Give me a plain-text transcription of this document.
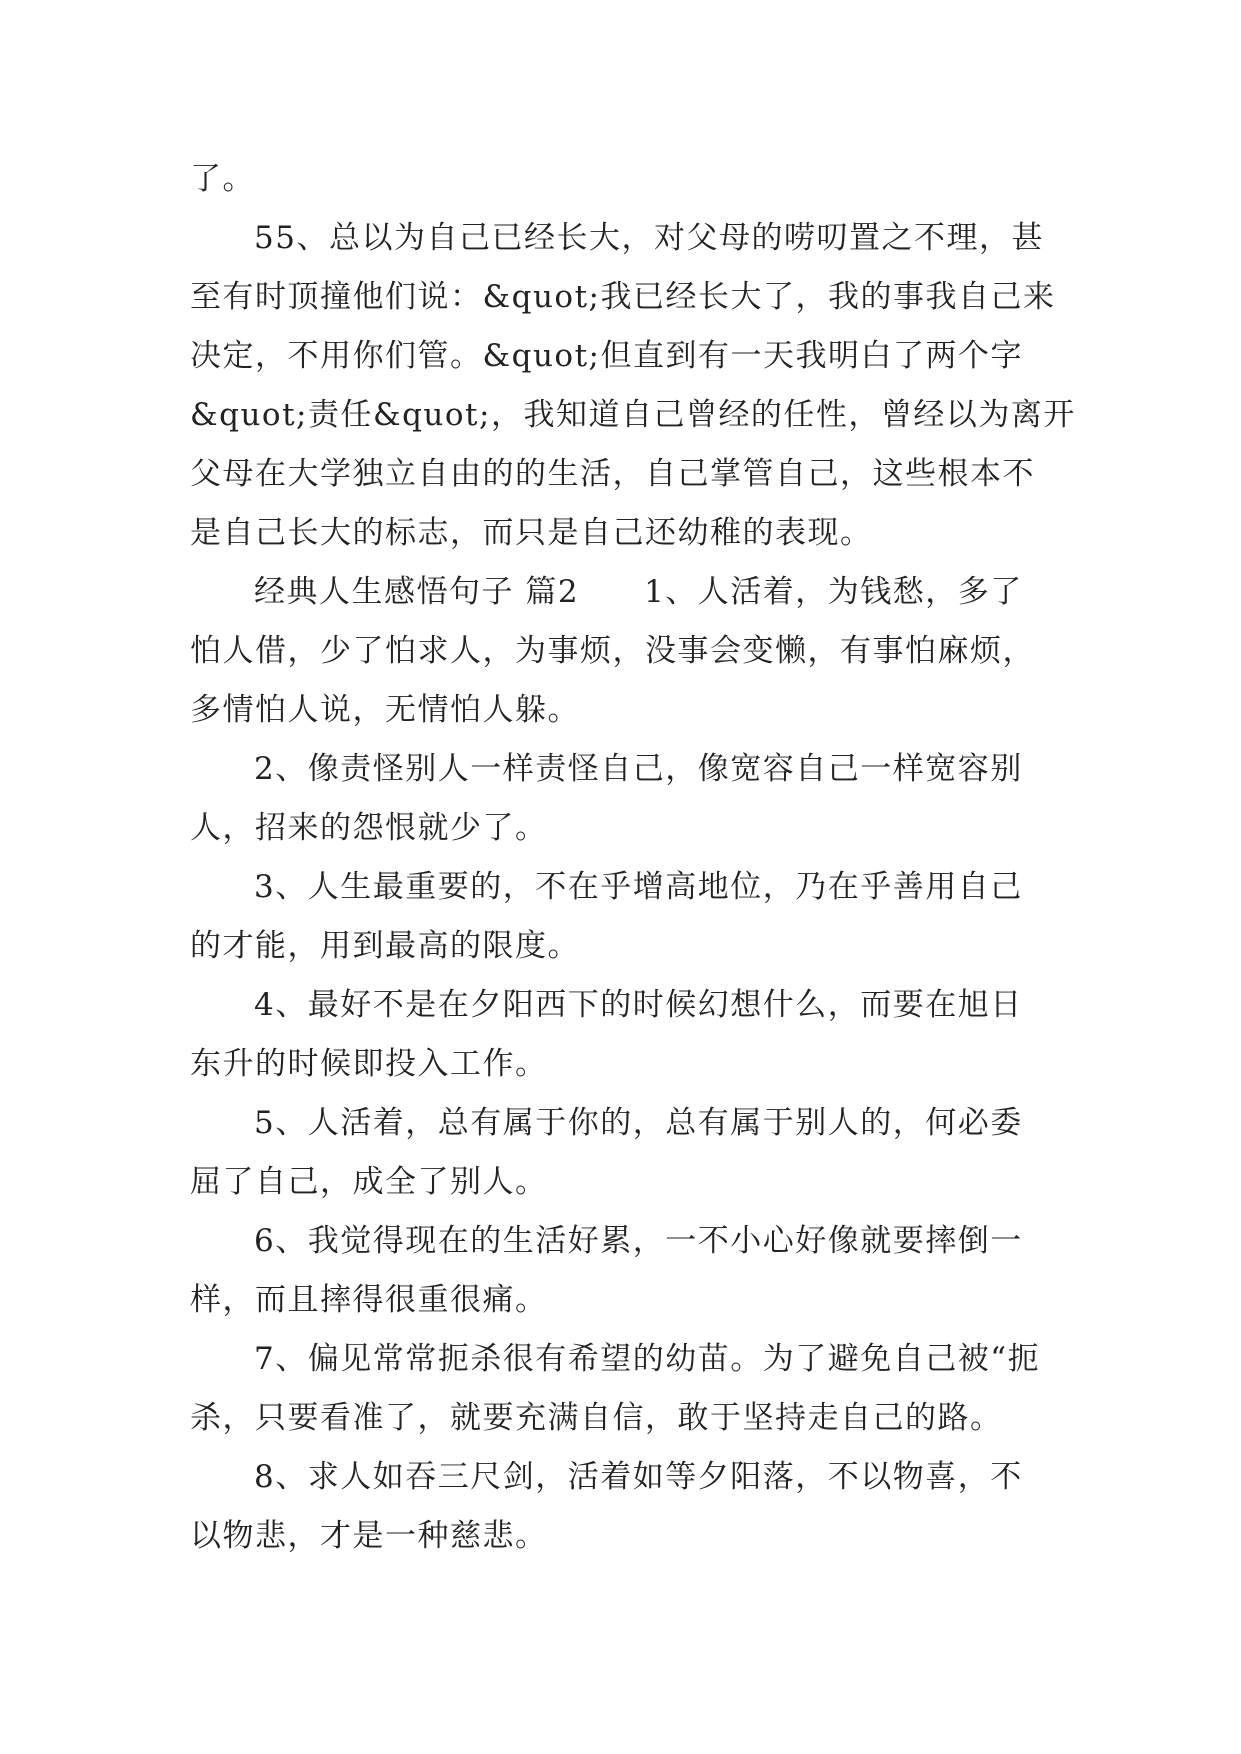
了。
55、总以为自己已经长大，对父母的唠叨置之不理，甚
至有时顶撞他们说：&quot;我已经长大了，我的事我自己来
决定，不用你们管。&quot;但直到有一天我明白了两个字
&quot;责任&quot;，我知道自己曾经的任性，曾经以为离开
父母在大学独立自由的的生活，自己掌管自己，这些根本不
是自己长大的标志，而只是自己还幼稚的表现。
经典人生感悟句子 篇2　　1、人活着，为钱愁，多了
怕人借，少了怕求人，为事烦，没事会变懒，有事怕麻烦，
多情怕人说，无情怕人躲。
2、像责怪别人一样责怪自己，像宽容自己一样宽容别
人，招来的怨恨就少了。
3、人生最重要的，不在乎增高地位，乃在乎善用自己
的才能，用到最高的限度。
4、最好不是在夕阳西下的时候幻想什么，而要在旭日
东升的时候即投入工作。
5、人活着，总有属于你的，总有属于别人的，何必委
屈了自己，成全了别人。
6、我觉得现在的生活好累，一不小心好像就要摔倒一
样，而且摔得很重很痛。
7、偏见常常扼杀很有希望的幼苗。为了避免自己被“扼
杀，只要看准了，就要充满自信，敢于坚持走自己的路。
8、求人如吞三尺剑，活着如等夕阳落，不以物喜，不
以物悲，才是一种慈悲。
